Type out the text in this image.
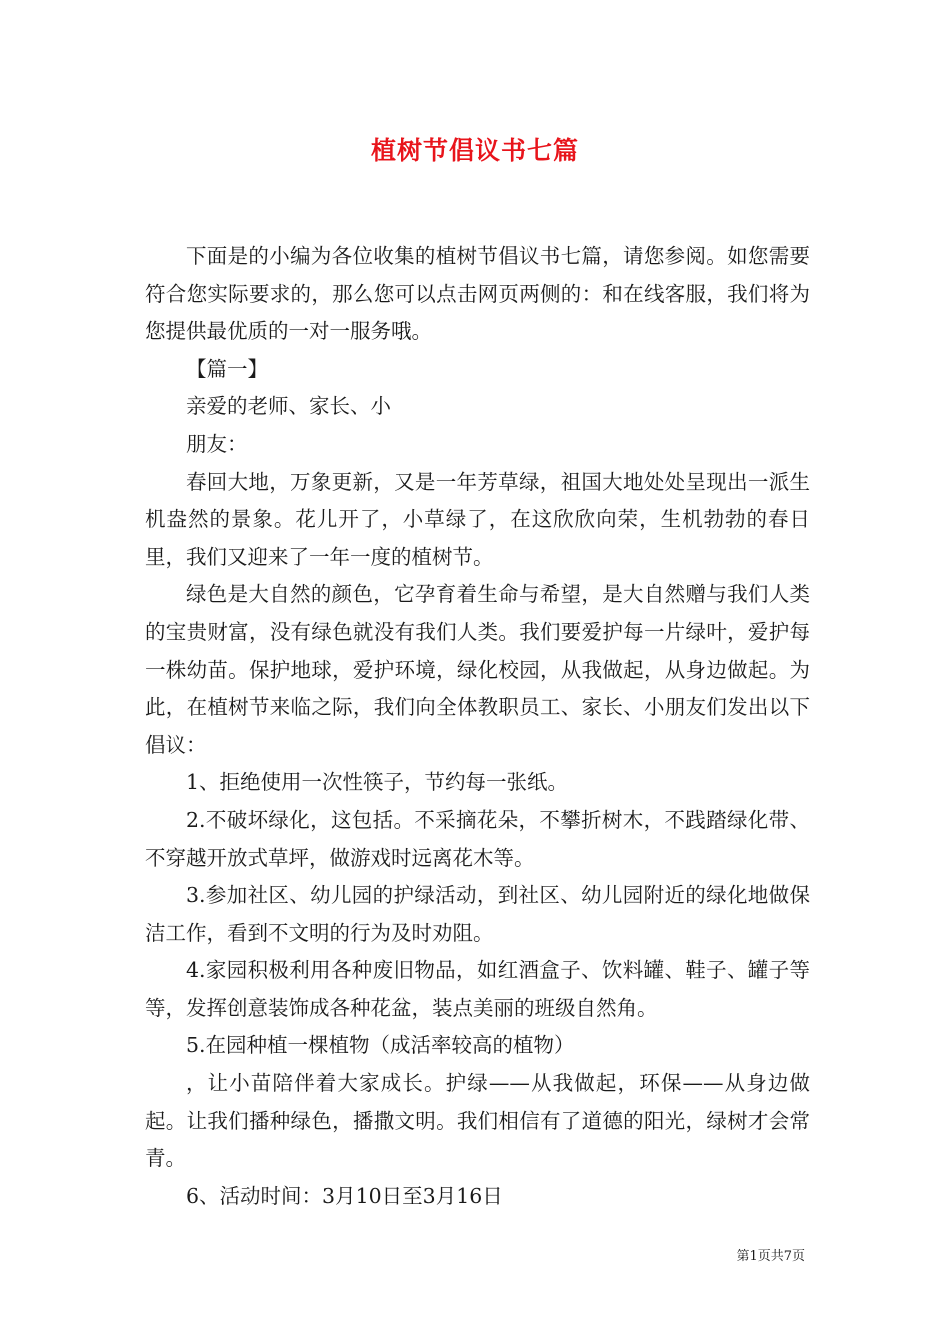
植树节倡议书七篇

下面是的小编为各位收集的植树节倡议书七篇，请您参阅。如您需要符合您实际要求的，那么您可以点击网页两侧的：和在线客服，我们将为您提供最优质的一对一服务哦。

【篇一】

亲爱的老师、家长、小

朋友：

春回大地，万象更新，又是一年芳草绿，祖国大地处处呈现出一派生机盎然的景象。花儿开了，小草绿了，在这欣欣向荣，生机勃勃的春日里，我们又迎来了一年一度的植树节。

绿色是大自然的颜色，它孕育着生命与希望，是大自然赠与我们人类的宝贵财富，没有绿色就没有我们人类。我们要爱护每一片绿叶，爱护每一株幼苗。保护地球，爱护环境，绿化校园，从我做起，从身边做起。为此，在植树节来临之际，我们向全体教职员工、家长、小朋友们发出以下倡议：

1、拒绝使用一次性筷子，节约每一张纸。

2.不破坏绿化，这包括。不采摘花朵，不攀折树木，不践踏绿化带、不穿越开放式草坪，做游戏时远离花木等。

3.参加社区、幼儿园的护绿活动，到社区、幼儿园附近的绿化地做保洁工作，看到不文明的行为及时劝阻。

4.家园积极利用各种废旧物品，如红酒盒子、饮料罐、鞋子、罐子等等，发挥创意装饰成各种花盆，装点美丽的班级自然角。

5.在园种植一棵植物（成活率较高的植物）

，让小苗陪伴着大家成长。护绿——从我做起，环保——从身边做起。让我们播种绿色，播撒文明。我们相信有了道德的阳光，绿树才会常青。

6、活动时间：3月10日至3月16日

第1页共7页
